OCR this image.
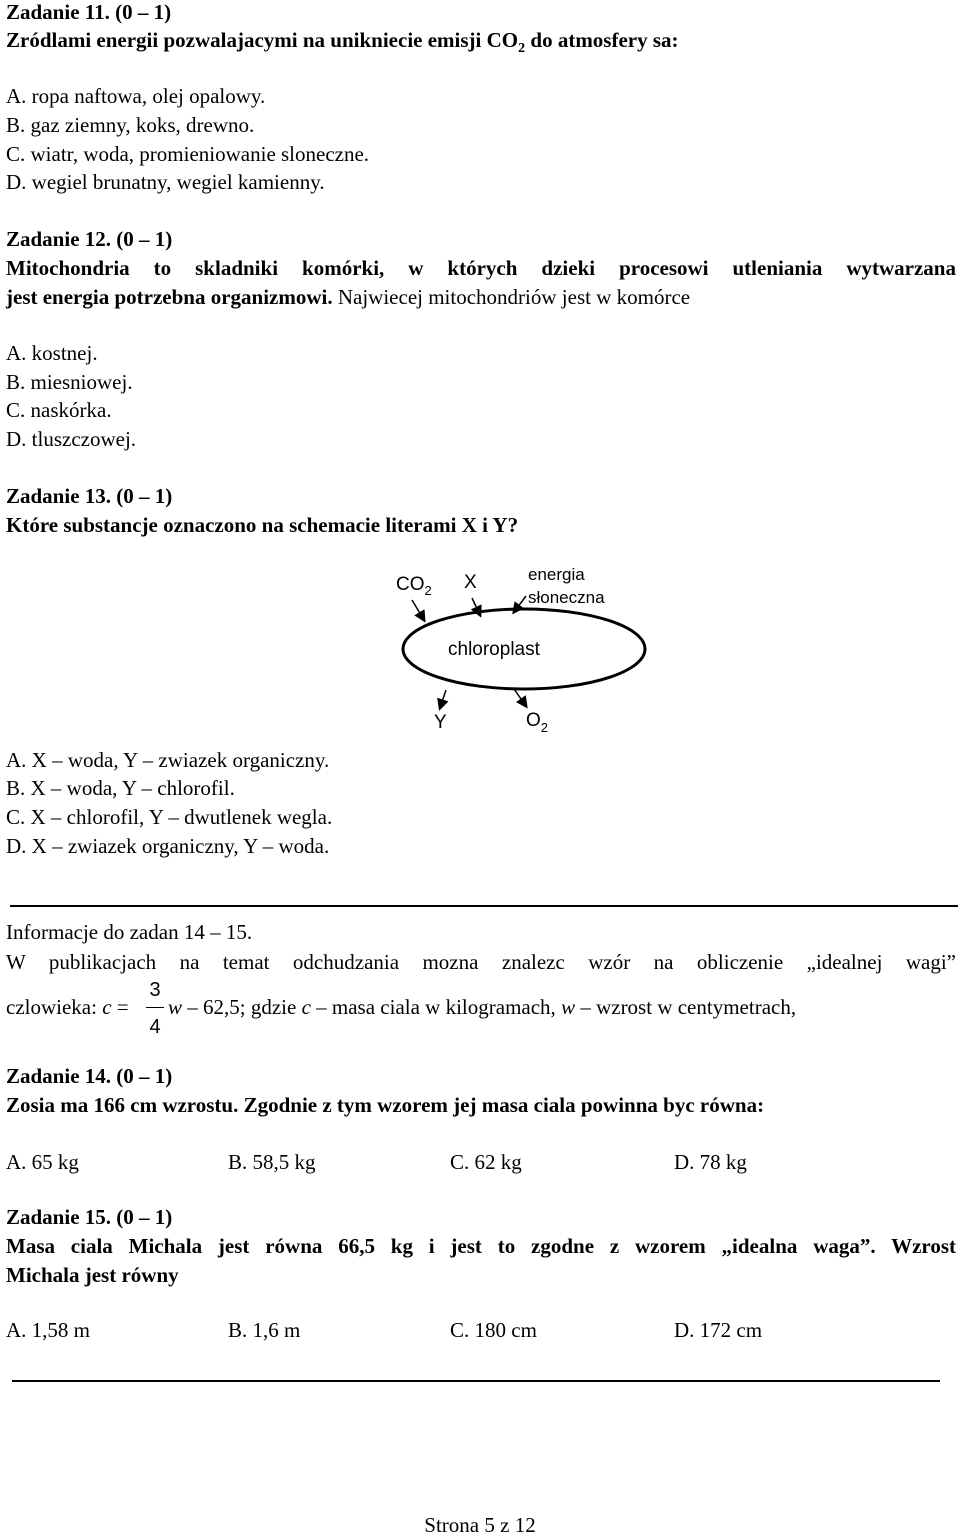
Zadanie 11. (0 – 1)
Zródlami energii pozwalajacymi na unikniecie emisji $CO_2$ do atmosfery sa:
A. ropa naftowa, olej opalowy.
B. gaz ziemny, koks, drewno.
C. wiatr, woda, promieniowanie sloneczne.
D. wegiel brunatny, wegiel kamienny.
Zadanie 12. (0 – 1)
Mitochondria to skladniki komórki, w których dzieki procesowi utleniania wytwarzana
jest energia potrzebna organizmowi. Najwiecej mitochondriów jest w komórce
A. kostnej.
B. miesniowej.
C. naskórka.
D. tluszczowej.
Zadanie 13. (0 – 1)
Które substancje oznaczono na schemacie literami X i Y?
chloroplast
$CO_2$ X	energia
słoneczna
Y	$O_2$
A. X – woda, Y – zwiazek organiczny.
B. X – woda, Y – chlorofil.
C. X – chlorofil, Y – dwutlenek wegla.
D. X – zwiazek organiczny, Y – woda.
Informacje do zadan 14 – 15.
W publikacjach na temat odchudzania mozna znalezc wzór na obliczenie „idealnej wagi”
czlowieka: c =
3
4
w – 62,5; gdzie c – masa ciala w kilogramach, w – wzrost w centymetrach,
Zadanie 14. (0 – 1)
Zosia ma 166 cm wzrostu. Zgodnie z tym wzorem jej masa ciala powinna byc równa:
A. 65 kg	B. 58,5 kg	C. 62 kg	D. 78 kg
Zadanie 15. (0 – 1)
Masa ciala Michala jest równa 66,5 kg i jest to zgodne z wzorem „idealna waga”. Wzrost
Michala jest równy
A. 1,58 m	B. 1,6 m	C. 180 cm	D. 172 cm
Strona 5 z 12
